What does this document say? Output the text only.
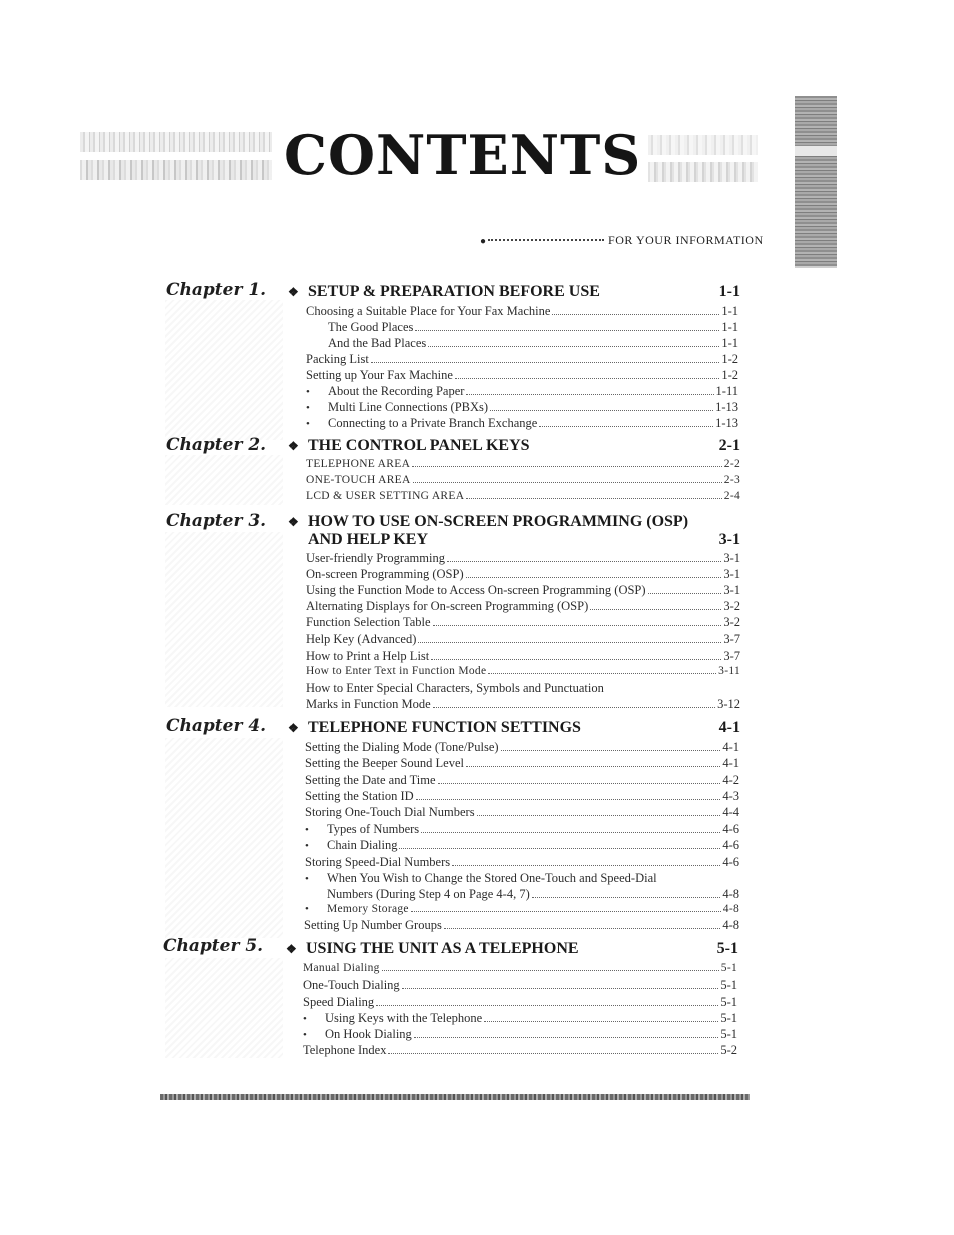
CONTENTS
●	FOR YOUR INFORMATION
Chapter 1.	❖ SETUP & PREPARATION BEFORE USE	1-1
Choosing a Suitable Place for Your Fax Machine	1-1
The Good Places	1-1
And the Bad Places	1-1
Packing List	1-2
Setting up Your Fax Machine	1-2
•	About the Recording Paper	1-11
•	Multi Line Connections (PBXs)	1-13
•	Connecting to a Private Branch Exchange	1-13
Chapter 2.	❖ THE CONTROL PANEL KEYS	2-1
TELEPHONE AREA	2-2
ONE-TOUCH AREA	2-3
LCD & USER SETTING AREA	2-4
Chapter 3.	❖ HOW TO USE ON-SCREEN PROGRAMMING (OSP)
AND HELP KEY	3-1
User-friendly Programming	3-1
On-screen Programming (OSP)	3-1
Using the Function Mode to Access On-screen Programming (OSP)	3-1
Alternating Displays for On-screen Programming (OSP)	3-2
Function Selection Table	3-2
Help Key (Advanced)	3-7
How to Print a Help List	3-7
How to Enter Text in Function Mode	3-11
How to Enter Special Characters, Symbols and Punctuation
Marks in Function Mode	3-12
Chapter 4.	❖ TELEPHONE FUNCTION SETTINGS	4-1
Setting the Dialing Mode (Tone/Pulse)	4-1
Setting the Beeper Sound Level	4-1
Setting the Date and Time	4-2
Setting the Station ID	4-3
Storing One-Touch Dial Numbers	4-4
•	Types of Numbers	4-6
•	Chain Dialing	4-6
Storing Speed-Dial Numbers	4-6
• When You Wish to Change the Stored One-Touch and Speed-Dial
Numbers (During Step 4 on Page 4-4, 7)	4-8
•	Memory Storage	4-8
Setting Up Number Groups	4-8
Chapter 5.	❖ USING THE UNIT AS A TELEPHONE	5-1
Manual Dialing	5-1
One-Touch Dialing	5-1
Speed Dialing	5-1
•	Using Keys with the Telephone	5-1
•	On Hook Dialing	5-1
Telephone Index	5-2
